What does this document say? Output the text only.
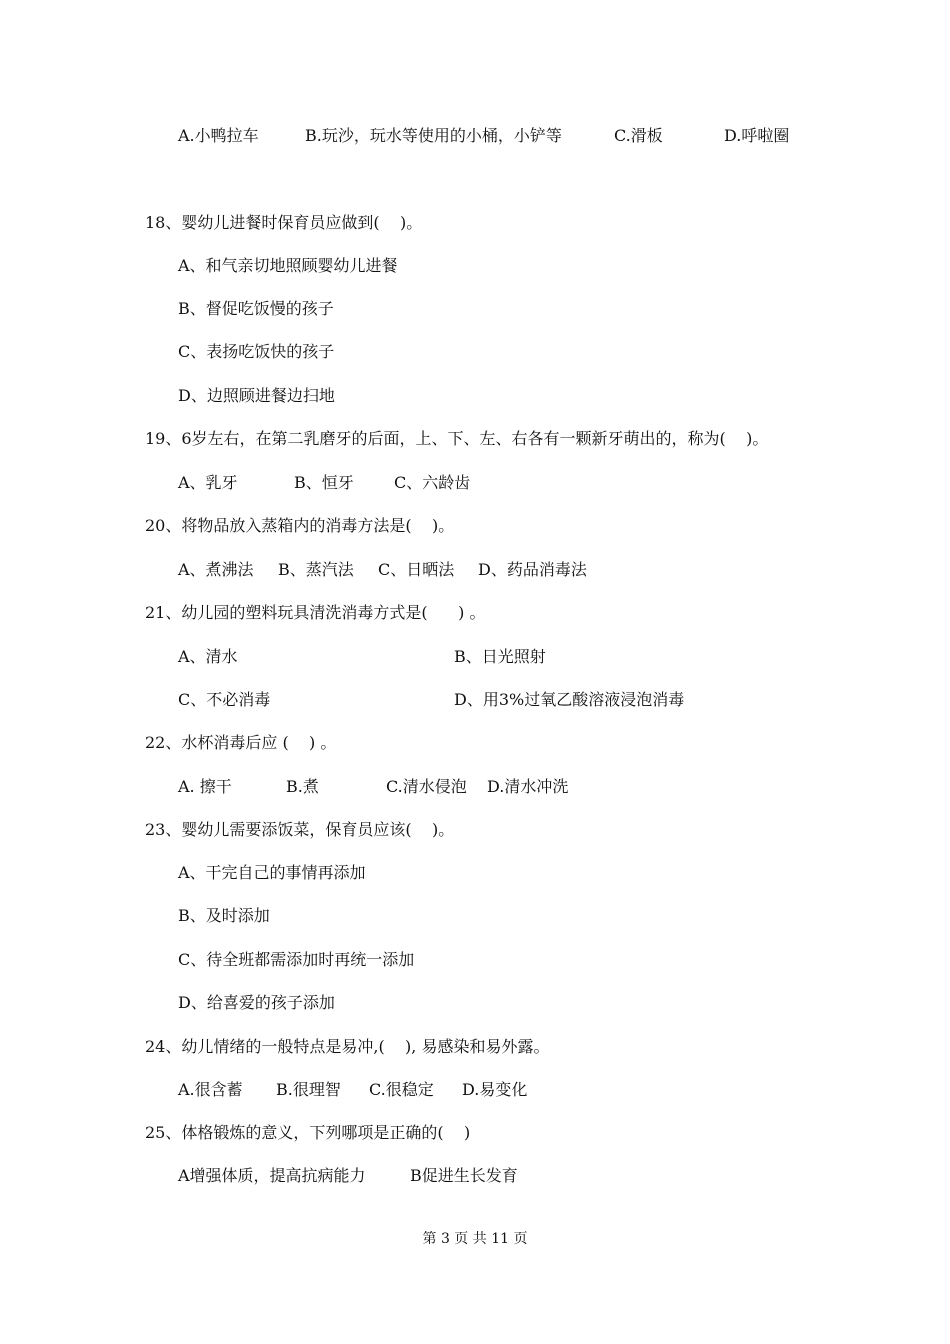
A.小鸭拉车	B.玩沙，玩水等使用的小桶，小铲等	C.滑板	D.呼啦圈
18、婴幼儿进餐时保育员应做到(    )。
A、和气亲切地照顾婴幼儿进餐
B、督促吃饭慢的孩子
C、表扬吃饭快的孩子
D、边照顾进餐边扫地
19、6岁左右，在第二乳磨牙的后面，上、下、左、右各有一颗新牙萌出的，称为(    )。
A、乳牙	B、恒牙	C、六龄齿
20、将物品放入蒸箱内的消毒方法是(    )。
A、煮沸法 B、蒸汽法 C、日晒法 D、药品消毒法
21、幼儿园的塑料玩具清洗消毒方式是(      ) 。
A、清水	B、日光照射
C、不必消毒	D、用3%过氧乙酸溶液浸泡消毒
22、水杯消毒后应 (    ) 。
A. 擦干	B.煮	C.清水侵泡 D.清水冲洗
23、婴幼儿需要添饭菜，保育员应该(    )。
A、干完自己的事情再添加
B、及时添加
C、待全班都需添加时再统一添加
D、给喜爱的孩子添加
24、幼儿情绪的一般特点是易冲,(    ), 易感染和易外露。
A.很含蓄 B.很理智 C.很稳定 D.易变化
25、体格锻炼的意义，下列哪项是正确的(    )
A增强体质，提高抗病能力	B促进生长发育
第 3 页 共 11 页
